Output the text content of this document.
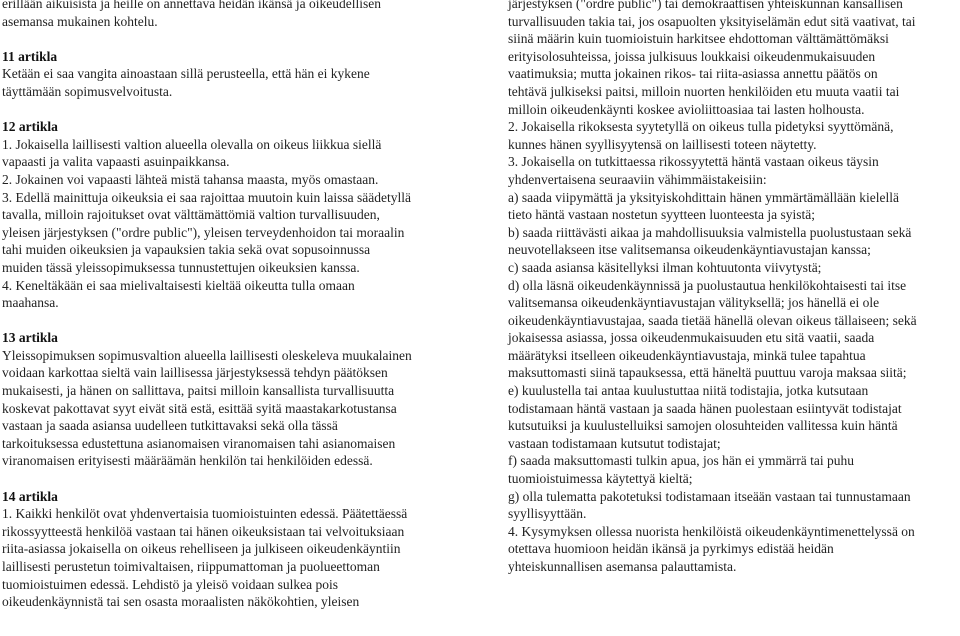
erillään aikuisista ja heille on annettava heidän ikänsä ja oikeudellisen

asemansa mukainen kohtelu.

11 artikla

Ketään ei saa vangita ainoastaan sillä perusteella, että hän ei kykene

täyttämään sopimusvelvoitusta.

12 artikla

1. Jokaisella laillisesti valtion alueella olevalla on oikeus liikkua siellä

vapaasti ja valita vapaasti asuinpaikkansa.

2. Jokainen voi vapaasti lähteä mistä tahansa maasta, myös omastaan.

3. Edellä mainittuja oikeuksia ei saa rajoittaa muutoin kuin laissa säädetyllä

tavalla, milloin rajoitukset ovat välttämättömiä valtion turvallisuuden,

yleisen järjestyksen ("ordre public"), yleisen terveydenhoidon tai moraalin

tahi muiden oikeuksien ja vapauksien takia sekä ovat sopusoinnussa

muiden tässä yleissopimuksessa tunnustettujen oikeuksien kanssa.

4. Keneltäkään ei saa mielivaltaisesti kieltää oikeutta tulla omaan

maahansa.

13 artikla

Yleissopimuksen sopimusvaltion alueella laillisesti oleskeleva muukalainen

voidaan karkottaa sieltä vain laillisessa järjestyksessä tehdyn päätöksen

mukaisesti, ja hänen on sallittava, paitsi milloin kansallista turvallisuutta

koskevat pakottavat syyt eivät sitä estä, esittää syitä maastakarkotustansa

vastaan ja saada asiansa uudelleen tutkittavaksi sekä olla tässä

tarkoituksessa edustettuna asianomaisen viranomaisen tahi asianomaisen

viranomaisen erityisesti määräämän henkilön tai henkilöiden edessä.

14 artikla

1. Kaikki henkilöt ovat yhdenvertaisia tuomioistuinten edessä. Päätettäessä

rikossyytteestä henkilöä vastaan tai hänen oikeuksistaan tai velvoituksiaan

riita-asiassa jokaisella on oikeus rehelliseen ja julkiseen oikeudenkäyntiin

laillisesti perustetun toimivaltaisen, riippumattoman ja puolueettoman

tuomioistuimen edessä. Lehdistö ja yleisö voidaan sulkea pois

oikeudenkäynnistä tai sen osasta moraalisten näkökohtien, yleisen

järjestyksen ("ordre public") tai demokraattisen yhteiskunnan kansallisen

turvallisuuden takia tai, jos osapuolten yksityiselämän edut sitä vaativat, tai

siinä määrin kuin tuomioistuin harkitsee ehdottoman välttämättömäksi

erityisolosuhteissa, joissa julkisuus loukkaisi oikeudenmukaisuuden

vaatimuksia; mutta jokainen rikos- tai riita-asiassa annettu päätös on

tehtävä julkiseksi paitsi, milloin nuorten henkilöiden etu muuta vaatii tai

milloin oikeudenkäynti koskee avioliittoasiaa tai lasten holhousta.

2. Jokaisella rikoksesta syytetyllä on oikeus tulla pidetyksi syyttömänä,

kunnes hänen syyllisyytensä on laillisesti toteen näytetty.

3. Jokaisella on tutkittaessa rikossyytettä häntä vastaan oikeus täysin

yhdenvertaisena seuraaviin vähimmäistakeisiin:

a) saada viipymättä ja yksityiskohdittain hänen ymmärtämällään kielellä

tieto häntä vastaan nostetun syytteen luonteesta ja syistä;

b) saada riittävästi aikaa ja mahdollisuuksia valmistella puolustustaan sekä

neuvotellakseen itse valitsemansa oikeudenkäyntiavustajan kanssa;

c) saada asiansa käsitellyksi ilman kohtuutonta viivytystä;

d) olla läsnä oikeudenkäynnissä ja puolustautua henkilökohtaisesti tai itse

valitsemansa oikeudenkäyntiavustajan välityksellä; jos hänellä ei ole

oikeudenkäyntiavustajaa, saada tietää hänellä olevan oikeus tällaiseen; sekä

jokaisessa asiassa, jossa oikeudenmukaisuuden etu sitä vaatii, saada

määrätyksi itselleen oikeudenkäyntiavustaja, minkä tulee tapahtua

maksuttomasti siinä tapauksessa, että häneltä puuttuu varoja maksaa siitä;

e) kuulustella tai antaa kuulustuttaa niitä todistajia, jotka kutsutaan

todistamaan häntä vastaan ja saada hänen puolestaan esiintyvät todistajat

kutsutuiksi ja kuulustelluiksi samojen olosuhteiden vallitessa kuin häntä

vastaan todistamaan kutsutut todistajat;

f) saada maksuttomasti tulkin apua, jos hän ei ymmärrä tai puhu

tuomioistuimessa käytettyä kieltä;

g) olla tulematta pakotetuksi todistamaan itseään vastaan tai tunnustamaan

syyllisyyttään.

4. Kysymyksen ollessa nuorista henkilöistä oikeudenkäyntimenettelyssä on

otettava huomioon heidän ikänsä ja pyrkimys edistää heidän

yhteiskunnallisen asemansa palauttamista.
